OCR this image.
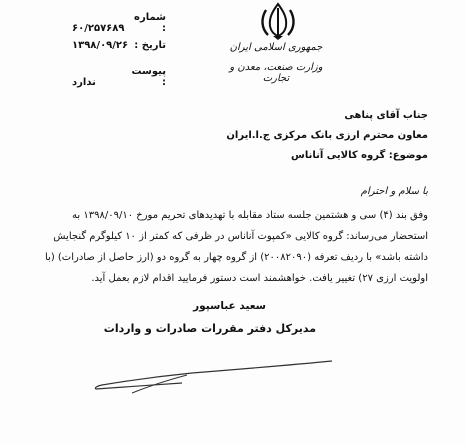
جمهوری اسلامی ایران
وزارت صنعت، معدن و تجارت
شماره :۶۰/۲۵۷۶۸۹
تاریخ :۱۳۹۸/۰۹/۲۶
پیوست :ندارد
جناب آقای پناهی
معاون محترم ارزی بانک مرکزی ج.ا.ایران
موضوع: گروه کالایی آناناس
با سلام و احترام
وفق بند (۴) سی و هشتمین جلسه ستاد مقابله با تهدیدهای تحریم مورخ ۱۳۹۸/۰۹/۱۰ به
استحضار می‌رساند: گروه کالایی «کمپوت آناناس در ظرفی که کمتر از ۱۰ کیلوگرم گنجایش
داشته باشد» با ردیف تعرفه (۲۰۰۸۲۰۹۰) از گروه چهار به گروه دو (ارز حاصل از صادرات) (با
اولویت ارزی ۲۷) تغییر یافت. خواهشمند است دستور فرمایید اقدام لازم بعمل آید.
سعید عباسپور
مدیرکل دفتر مقررات صادرات و واردات
